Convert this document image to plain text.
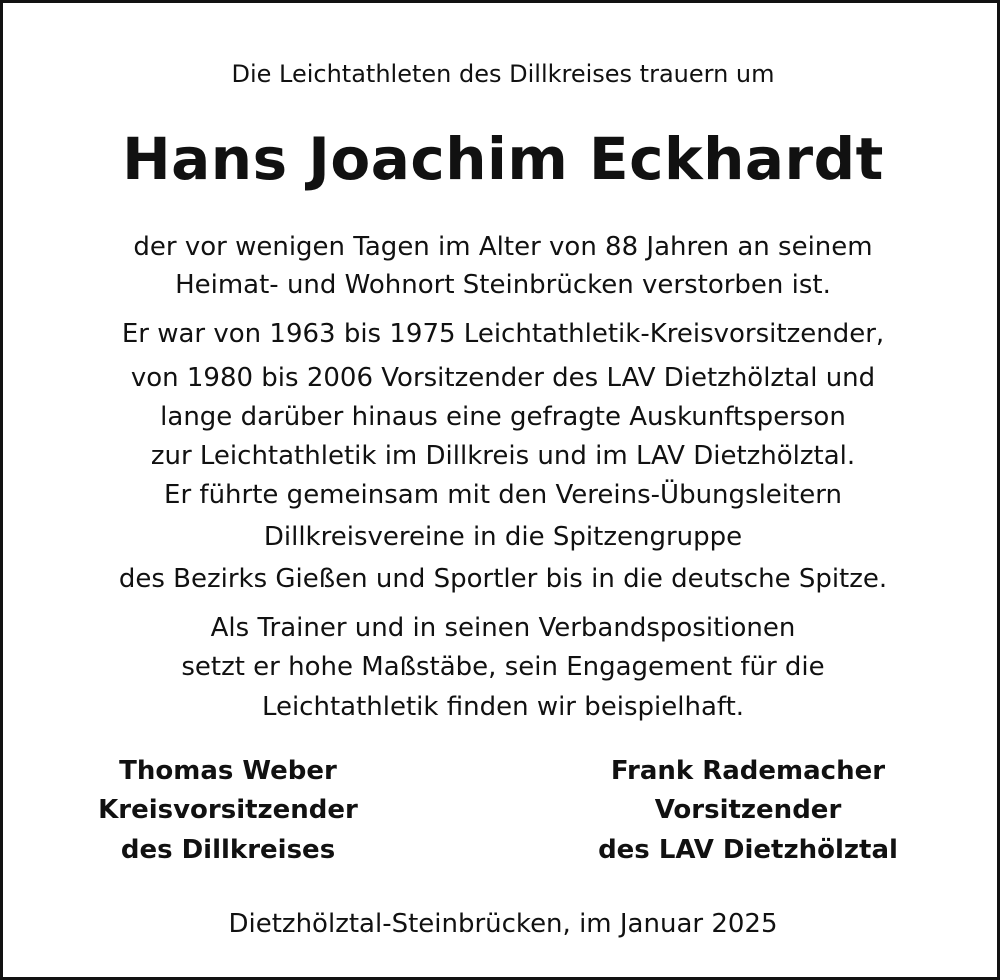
Die Leichtathleten des Dillkreises trauern um

Hans Joachim Eckhardt

der vor wenigen Tagen im Alter von 88 Jahren an seinem

Heimat- und Wohnort Steinbrücken verstorben ist.

Er war von 1963 bis 1975 Leichtathletik-Kreisvorsitzender,

von 1980 bis 2006 Vorsitzender des LAV Dietzhölztal und

lange darüber hinaus eine gefragte Auskunftsperson

zur Leichtathletik im Dillkreis und im LAV Dietzhölztal.

Er führte gemeinsam mit den Vereins-Übungsleitern

Dillkreisvereine in die Spitzengruppe

des Bezirks Gießen und Sportler bis in die deutsche Spitze.

Als Trainer und in seinen Verbandspositionen

setzt er hohe Maßstäbe, sein Engagement für die

Leichtathletik finden wir beispielhaft.

Thomas Weber
Kreisvorsitzender
des Dillkreises
Frank Rademacher
Vorsitzender
des LAV Dietzhölztal

Dietzhölztal-Steinbrücken, im Januar 2025
